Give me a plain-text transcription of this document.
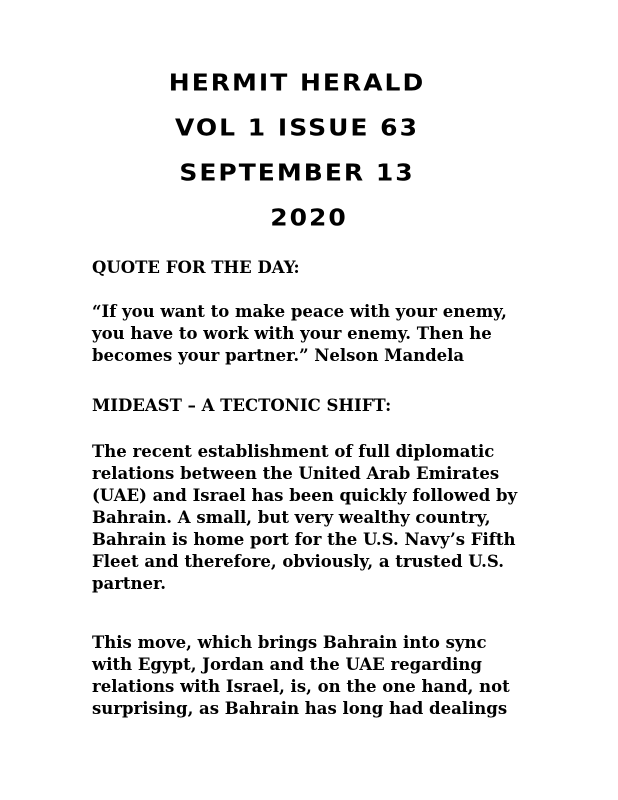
HERMIT HERALD
VOL 1 ISSUE 63
SEPTEMBER 13
2020
QUOTE FOR THE DAY:
“If you want to make peace with your enemy,
you have to work with your enemy. Then he
becomes your partner.” Nelson Mandela
MIDEAST – A TECTONIC SHIFT:
The recent establishment of full diplomatic
relations between the United Arab Emirates
(UAE) and Israel has been quickly followed by
Bahrain. A small, but very wealthy country,
Bahrain is home port for the U.S. Navy’s Fifth
Fleet and therefore, obviously, a trusted U.S.
partner.
This move, which brings Bahrain into sync
with Egypt, Jordan and the UAE regarding
relations with Israel, is, on the one hand, not
surprising, as Bahrain has long had dealings
